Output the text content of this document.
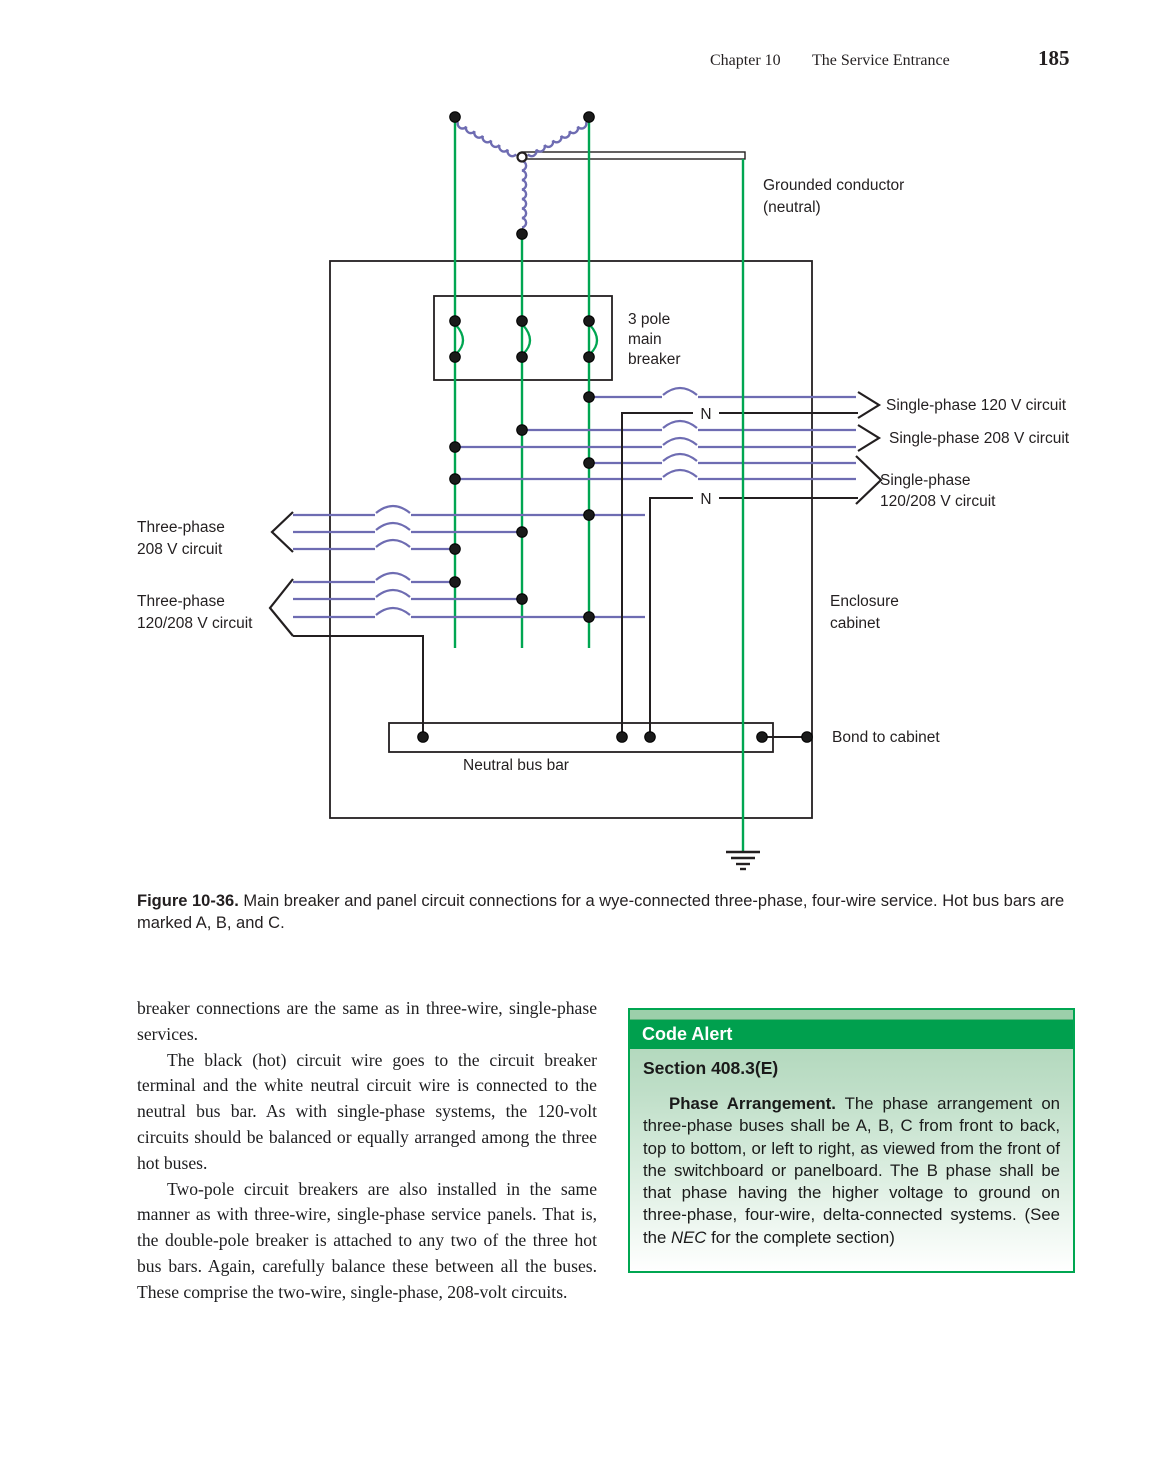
Chapter 10 The Service Entrance	185
Grounded conductor
(neutral)
3 pole
main
breaker
N
N
Single-phase 120 V circuit
Single-phase 208 V circuit
Single-phase
120/208 V circuit
Three-phase
208 V circuit
Three-phase
120/208 V circuit
Enclosure
cabinet
Bond to cabinet
Neutral bus bar
Figure 10-36. Main breaker and panel circuit connections for a wye-connected three-phase, four-wire service. Hot bus bars are marked A, B, and C.

breaker connections are the same as in three-wire, single-phase services.

The black (hot) circuit wire goes to the circuit breaker terminal and the white neutral circuit wire is connected to the neutral bus bar. As with single-phase systems, the 120-volt circuits should be balanced or equally arranged among the three hot buses.

Two-pole circuit breakers are also installed in the same manner as with three-wire, single-phase service panels. That is, the double-pole breaker is attached to any two of the three hot bus bars. Again, carefully balance these between all the buses. These comprise the two-wire, single-phase, 208-volt circuits.

Code Alert
Section 408.3(E)

Phase Arrangement. The phase arrangement on three-phase buses shall be A, B, C from front to back, top to bottom, or left to right, as viewed from the front of the switchboard or panelboard. The B phase shall be that phase having the higher voltage to ground on three-phase, four-wire, delta-connected systems. (See the NEC for the complete section)
